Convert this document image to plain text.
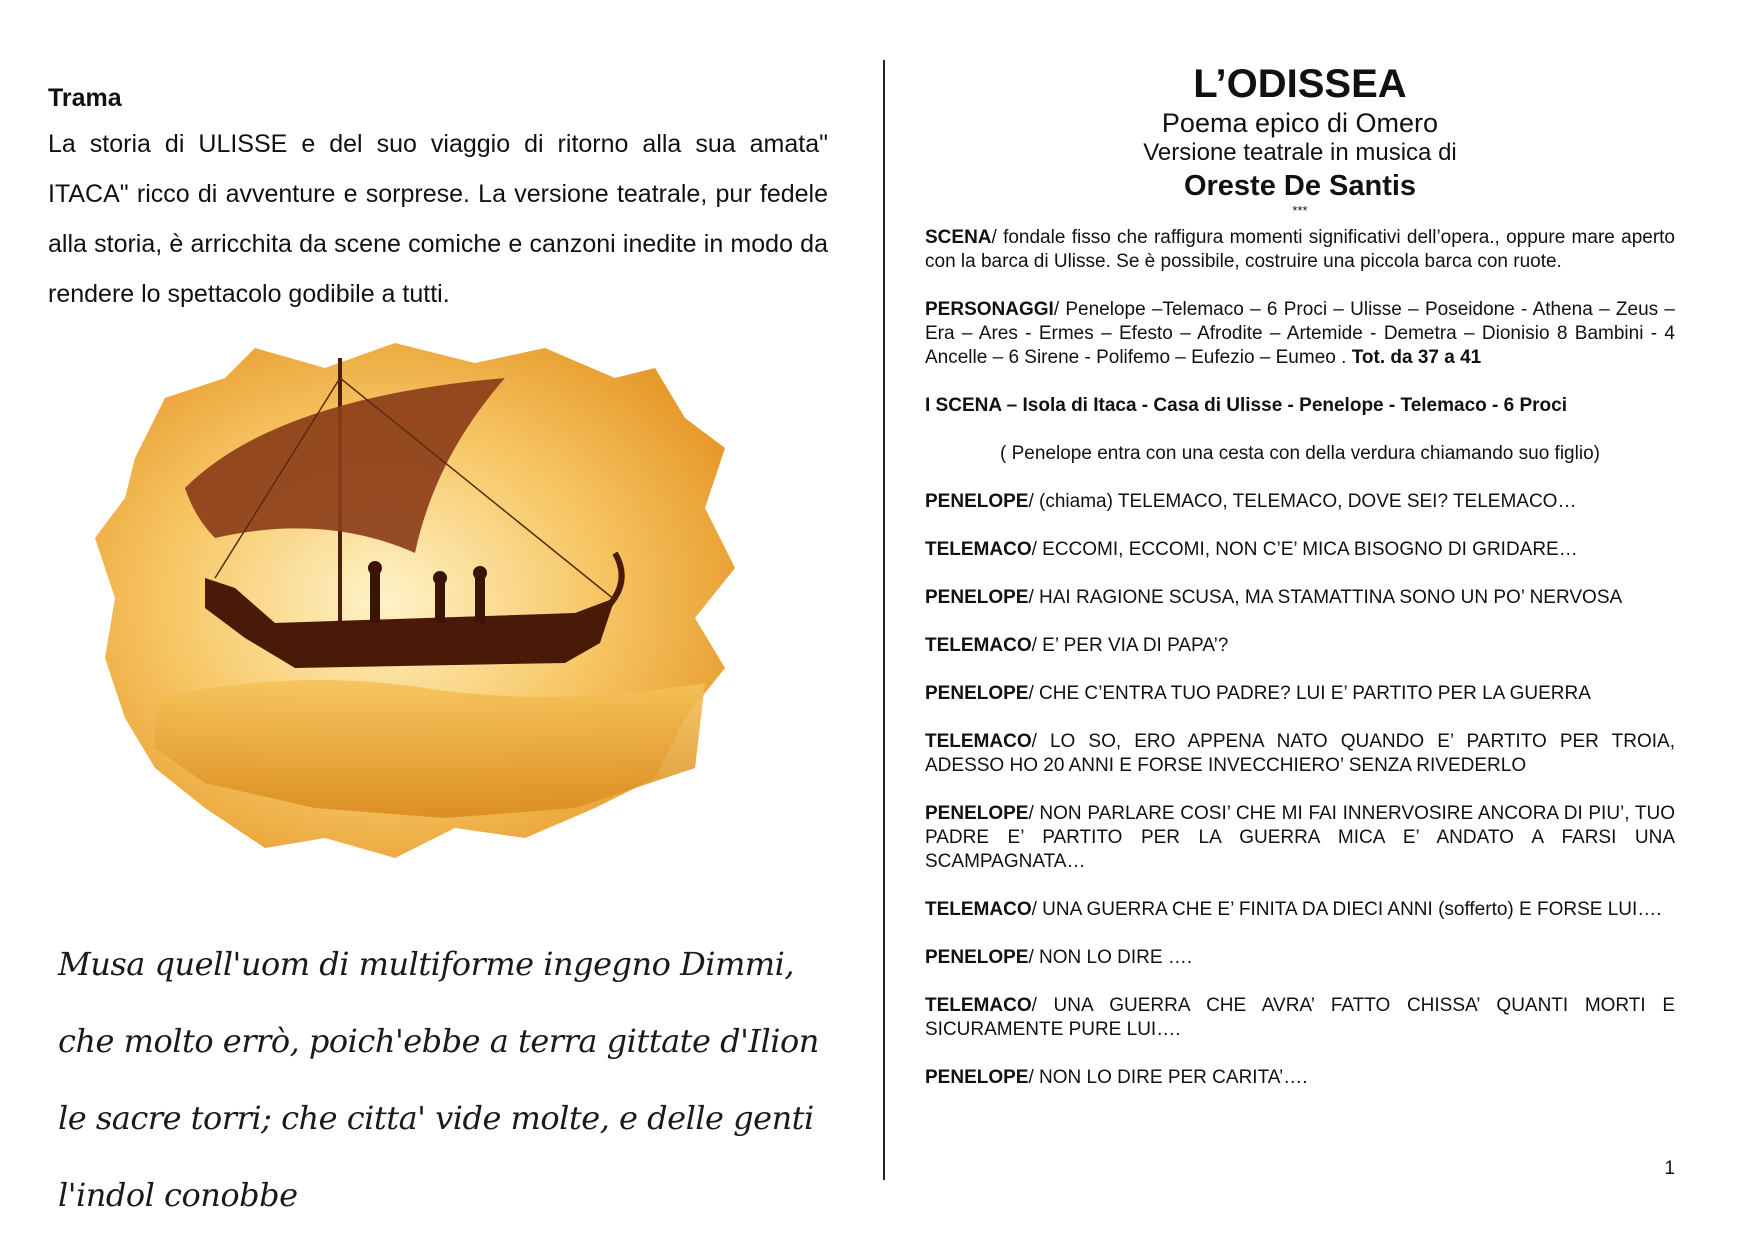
Trama

La storia di ULISSE e del suo viaggio di ritorno alla sua amata" ITACA" ricco di avventure e sorprese. La versione teatrale, pur fedele alla storia, è arricchita da scene comiche e canzoni inedite in modo da rendere lo spettacolo godibile a tutti.

Musa quell'uom di multiforme ingegno Dimmi, che molto errò, poich'ebbe a terra gittate d'Ilion le sacre torri; che citta' vide molte, e delle genti l'indol conobbe

L’ODISSEA

Poema epico di Omero

Versione teatrale in musica di

Oreste De Santis

***

SCENA/ fondale fisso che raffigura momenti significativi dell’opera., oppure mare aperto con la barca di Ulisse. Se è possibile, costruire una piccola barca con ruote.

PERSONAGGI/ Penelope –Telemaco – 6 Proci – Ulisse – Poseidone - Athena – Zeus – Era – Ares - Ermes – Efesto – Afrodite – Artemide - Demetra – Dionisio 8 Bambini - 4 Ancelle – 6 Sirene - Polifemo – Eufezio – Eumeo . Tot. da 37 a 41

I SCENA – Isola di Itaca - Casa di Ulisse - Penelope - Telemaco - 6 Proci

( Penelope entra con una cesta con della verdura chiamando suo figlio)

PENELOPE/ (chiama) TELEMACO, TELEMACO, DOVE SEI? TELEMACO…

TELEMACO/ ECCOMI, ECCOMI, NON C’E’ MICA BISOGNO DI GRIDARE…

PENELOPE/ HAI RAGIONE SCUSA, MA STAMATTINA SONO UN PO’ NERVOSA

TELEMACO/ E’ PER VIA DI PAPA’?

PENELOPE/ CHE C’ENTRA TUO PADRE? LUI E’ PARTITO PER LA GUERRA

TELEMACO/ LO SO, ERO APPENA NATO QUANDO E’ PARTITO PER TROIA, ADESSO HO 20 ANNI E FORSE INVECCHIERO’ SENZA RIVEDERLO

PENELOPE/ NON PARLARE COSI’ CHE MI FAI INNERVOSIRE ANCORA DI PIU’, TUO PADRE E’ PARTITO PER LA GUERRA MICA E’ ANDATO A FARSI UNA SCAMPAGNATA…

TELEMACO/ UNA GUERRA CHE E’ FINITA DA DIECI ANNI (sofferto) E FORSE LUI….

PENELOPE/ NON LO DIRE ….

TELEMACO/ UNA GUERRA CHE AVRA’ FATTO CHISSA’ QUANTI MORTI E SICURAMENTE PURE LUI….

PENELOPE/ NON LO DIRE PER CARITA’….

1
